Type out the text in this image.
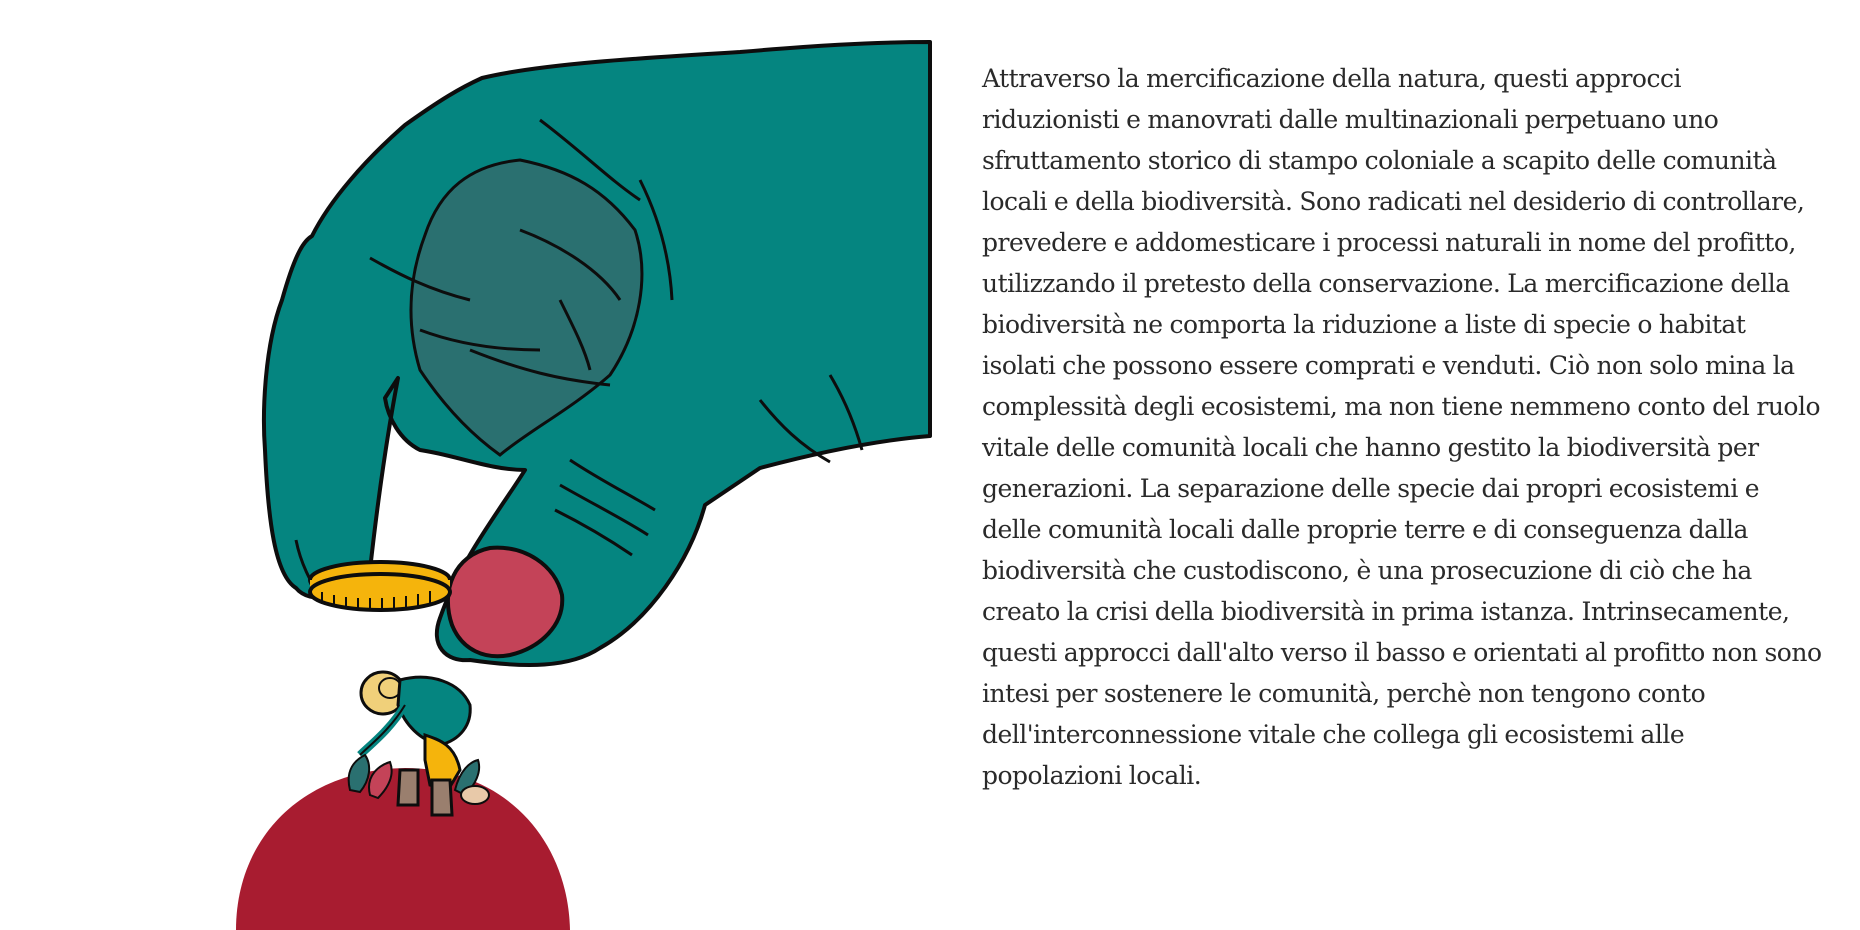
Attraverso la mercificazione della natura, questi approcci riduzionisti e manovrati dalle multinazionali perpetuano uno sfruttamento storico di stampo coloniale a scapito delle comunità locali e della biodiversità. Sono radicati nel desiderio di controllare, prevedere e addomesticare i processi naturali in nome del profitto, utilizzando il pretesto della conservazione. La mercificazione della biodiversità ne comporta la riduzione a liste di specie o habitat isolati che possono essere comprati e venduti. Ciò non solo mina la complessità degli ecosistemi, ma non tiene nemmeno conto del ruolo vitale delle comunità locali che hanno gestito la biodiversità per generazioni. La separazione delle specie dai propri ecosistemi e delle comunità locali dalle proprie terre e di conseguenza dalla biodiversità che custodiscono, è una prosecuzione di ciò che ha creato la crisi della biodiversità in prima istanza. Intrinsecamente, questi approcci dall'alto verso il basso e orientati al profitto non sono intesi per sostenere le comunità, perchè non tengono conto dell'interconnessione vitale che collega gli ecosistemi alle popolazioni locali.
